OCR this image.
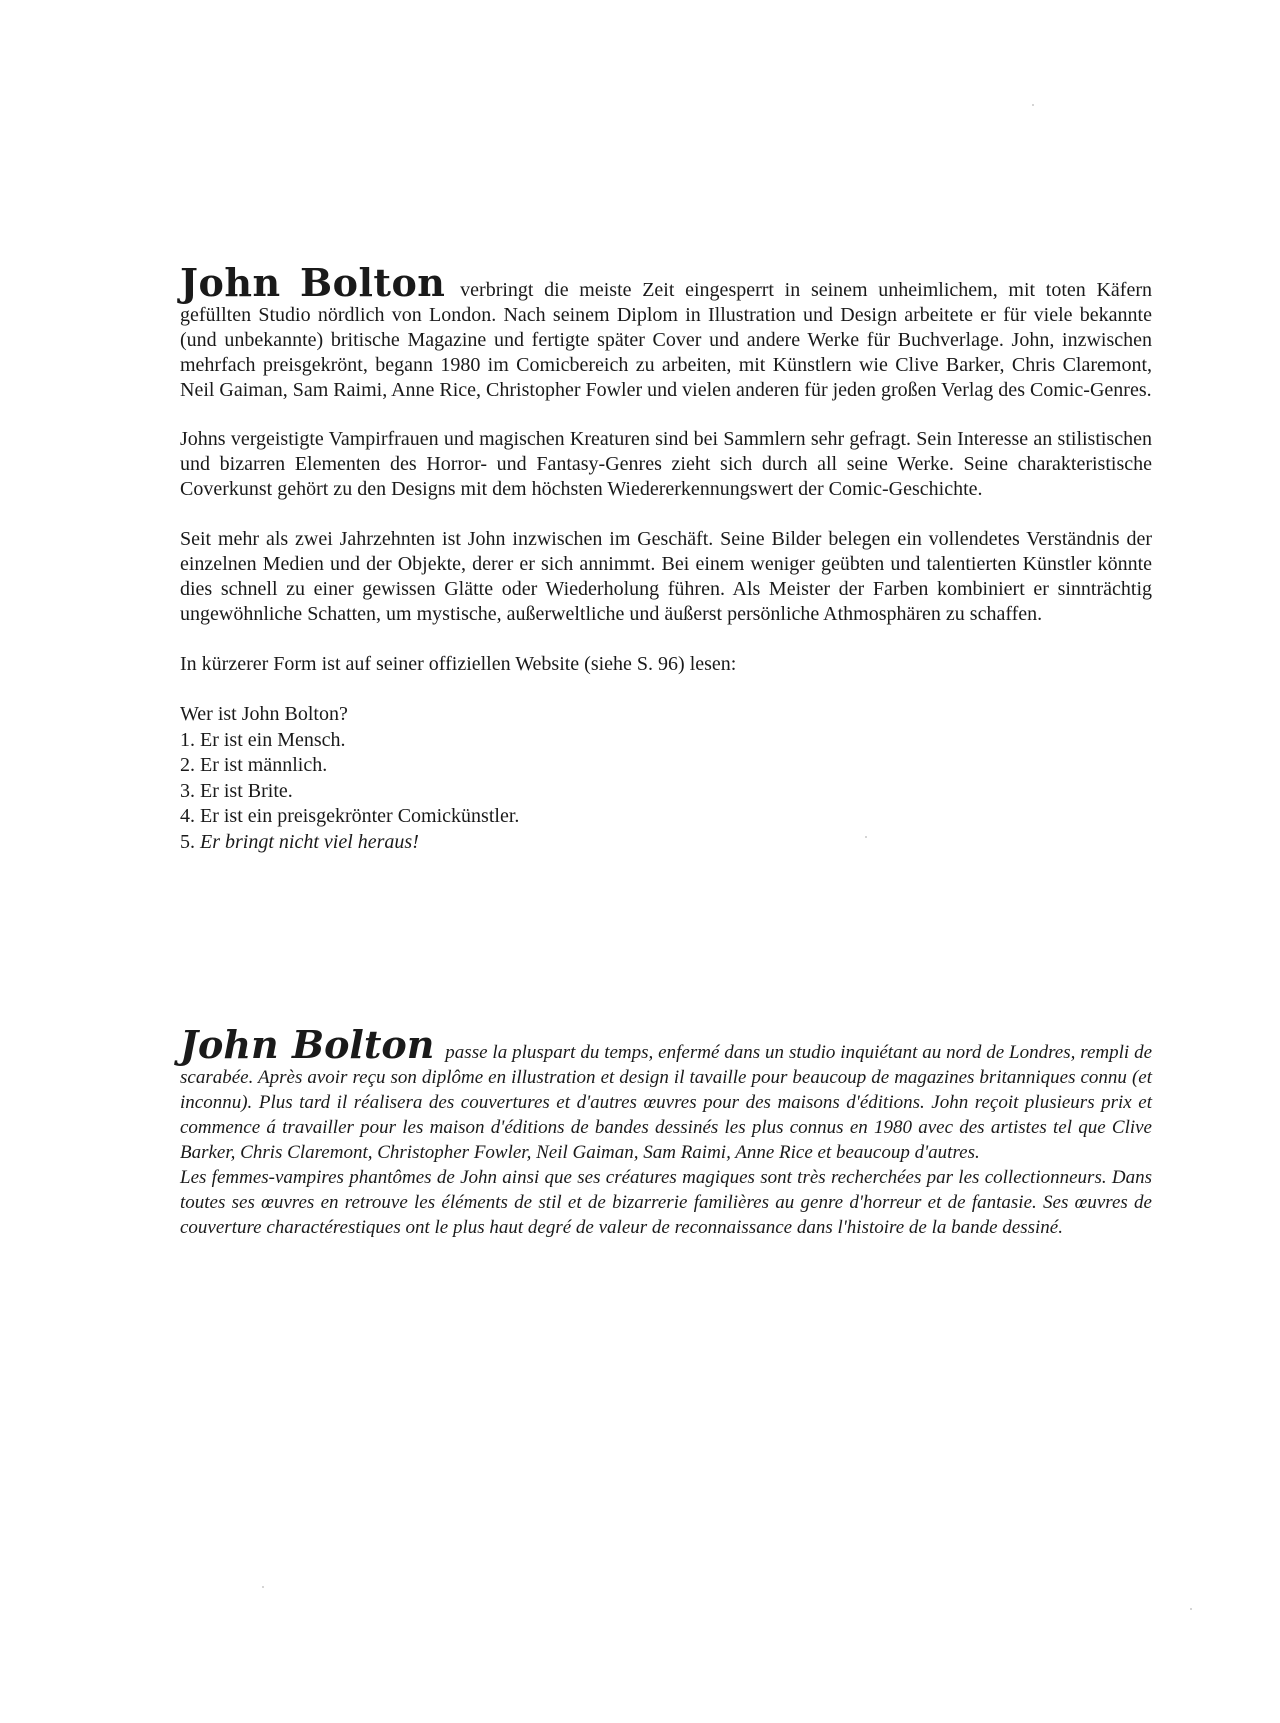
John Bolton verbringt die meiste Zeit eingesperrt in seinem unheimlichem, mit toten Käfern gefüllten Studio nördlich von London. Nach seinem Diplom in Illustration und Design arbeitete er für viele bekannte (und unbekannte) britische Magazine und fertigte später Cover und andere Werke für Buchverlage. John, inzwischen mehrfach preisgekrönt, begann 1980 im Comicbereich zu arbeiten, mit Künstlern wie Clive Barker, Chris Claremont, Neil Gaiman, Sam Raimi, Anne Rice, Christopher Fowler und vielen anderen für jeden großen Verlag des Comic-Genres.

Johns vergeistigte Vampirfrauen und magischen Kreaturen sind bei Sammlern sehr gefragt. Sein Interesse an stilistischen und bizarren Elementen des Horror- und Fantasy-Genres zieht sich durch all seine Werke. Seine charakteristische Coverkunst gehört zu den Designs mit dem höchsten Wiedererkennungswert der Comic-Geschichte.

Seit mehr als zwei Jahrzehnten ist John inzwischen im Geschäft. Seine Bilder belegen ein vollendetes Verständnis der einzelnen Medien und der Objekte, derer er sich annimmt. Bei einem weniger geübten und talentierten Künstler könnte dies schnell zu einer gewissen Glätte oder Wiederholung führen. Als Meister der Farben kombiniert er sinnträchtig ungewöhnliche Schatten, um mystische, außerweltliche und äußerst persönliche Athmosphären zu schaffen.

In kürzerer Form ist auf seiner offiziellen Website (siehe S. 96) lesen:

Wer ist John Bolton?
1. Er ist ein Mensch.
2. Er ist männlich.
3. Er ist Brite.
4. Er ist ein preisgekrönter Comickünstler.
5. Er bringt nicht viel heraus!

John Bolton passe la pluspart du temps, enfermé dans un studio inquiétant au nord de Londres, rempli de scarabée. Après avoir reçu son diplôme en illustration et design il tavaille pour beaucoup de magazines britanniques connu (et inconnu). Plus tard il réalisera des couvertures et d'autres œuvres pour des maisons d'éditions. John reçoit plusieurs prix et commence á travailler pour les maison d'éditions de bandes dessinés les plus connus en 1980 avec des artistes tel que Clive Barker, Chris Claremont, Christopher Fowler, Neil Gaiman, Sam Raimi, Anne Rice et beaucoup d'autres.

Les femmes-vampires phantômes de John ainsi que ses créatures magiques sont très recherchées par les collectionneurs. Dans toutes ses œuvres en retrouve les éléments de stil et de bizarrerie familières au genre d'horreur et de fantasie. Ses œuvres de couverture charactérestiques ont le plus haut degré de valeur de reconnaissance dans l'histoire de la bande dessiné.
